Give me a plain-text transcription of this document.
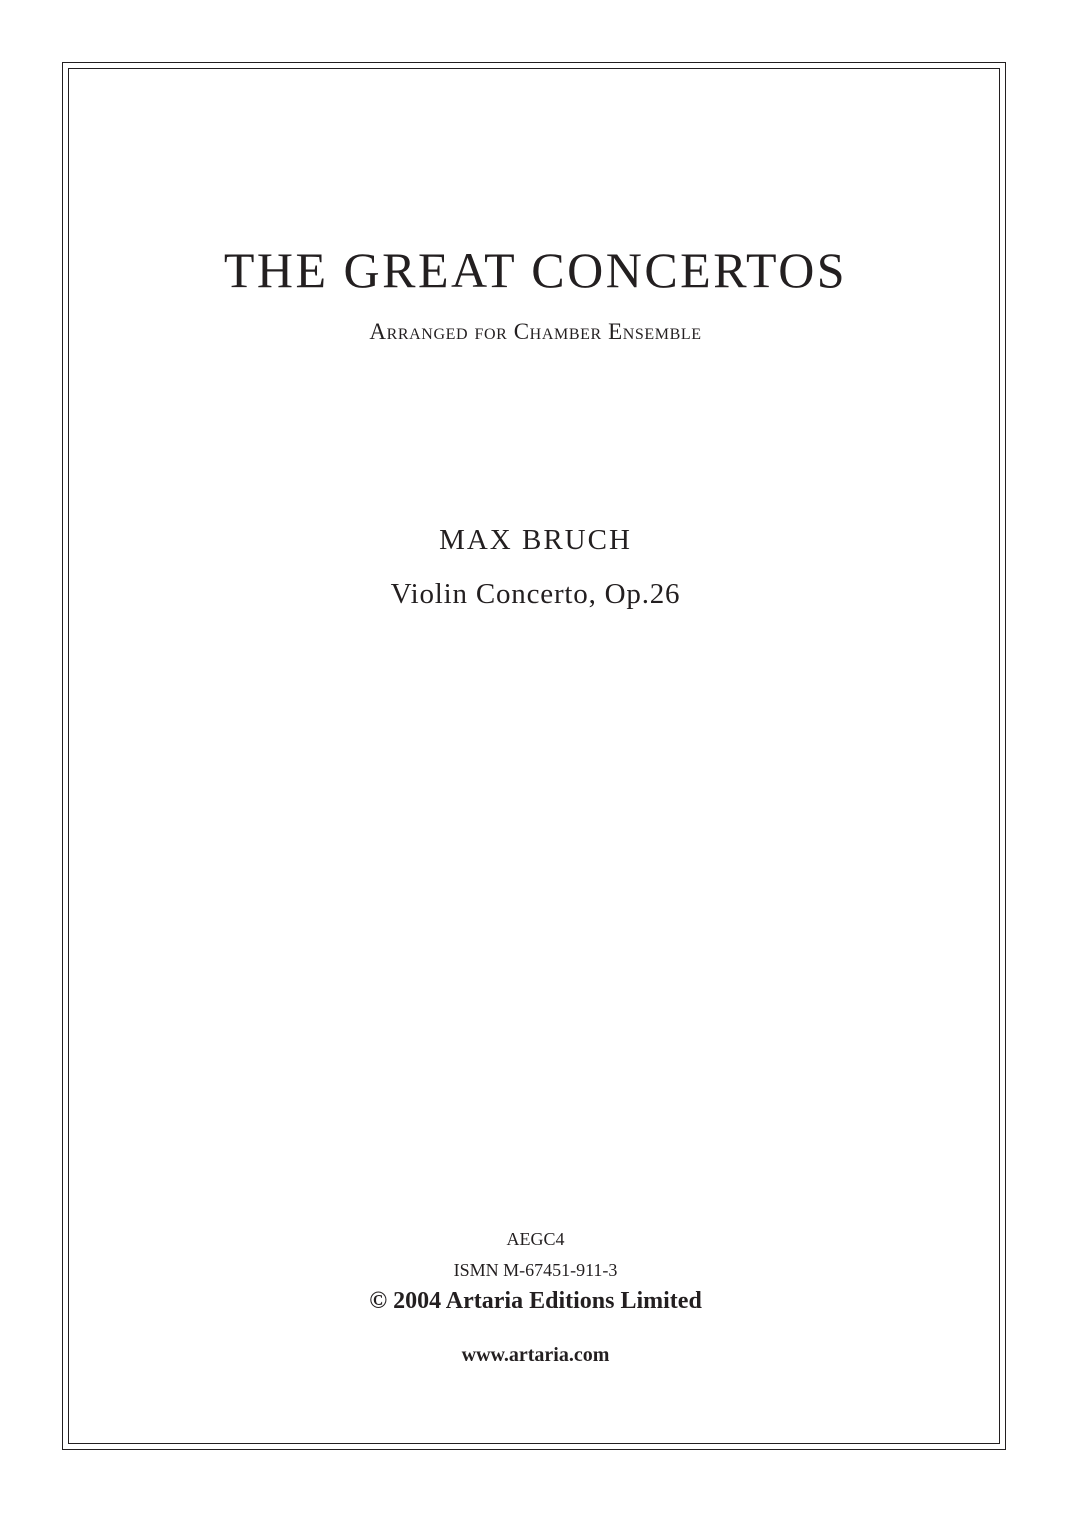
THE GREAT CONCERTOS
Arranged for Chamber Ensemble
MAX BRUCH
Violin Concerto, Op.26
AEGC4
ISMN M-67451-911-3
© 2004 Artaria Editions Limited
www.artaria.com
